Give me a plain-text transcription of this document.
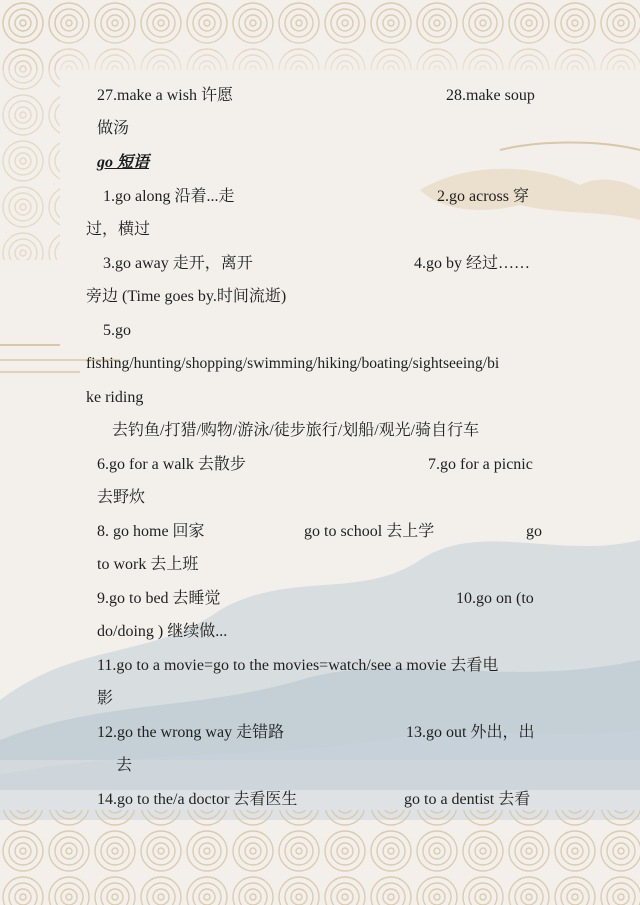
27.make a wish 许愿	28.make soup
做汤
go 短语
1.go along 沿着...走	2.go across 穿
过，横过
3.go away 走开，离开	4.go by 经过……
旁边 (Time goes by.时间流逝)
5.go
fishing/hunting/shopping/swimming/hiking/boating/sightseeing/bi
ke riding
去钓鱼/打猎/购物/游泳/徒步旅行/划船/观光/骑自行车
6.go for a walk 去散步	7.go for a picnic
去野炊
8. go home 回家	go to school 去上学	go
to work 去上班
9.go to bed 去睡觉	10.go on (to
do/doing ) 继续做...
11.go to a movie=go to the movies=watch/see a movie 去看电
影
12.go the wrong way 走错路	13.go out 外出，出
去
14.go to the/a doctor 去看医生	go to a dentist 去看
